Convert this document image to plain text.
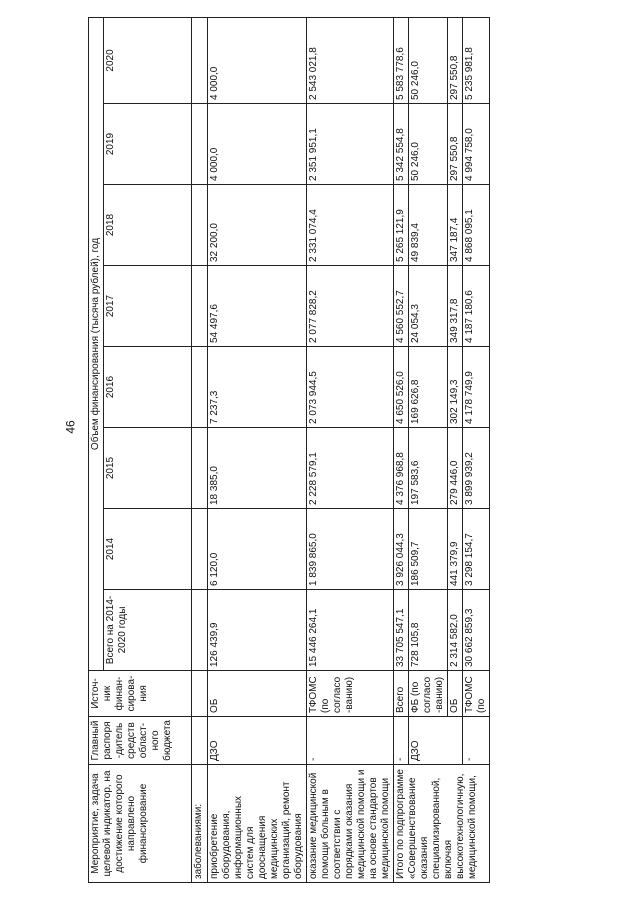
46
Мероприятие, задача целевой индикатор, на достижение которого направлено финансирование	Главный распоря-дитель средств област-ного бюджета	Источ-ник финан-сирова-ния	Объем финансирования (тысяча рублей), год							
			Всего на 2014-2020 годы	2014	2015	2016	2017	2018	2019	2020
заболеваниями:										
приобретение оборудования, информационных систем для дооснащения медицинских организаций, ремонт оборудования	ДЗО	ОБ	126 439,9	6 120,0	18 385,0	7 237,3	54 497,6	32 200,0	4 000,0	4 000,0
оказание медицинской помощи больным в соответствии с порядками оказания медицинской помощи и на основе стандартов медицинской помощи	-	ТФОМС (по согласо-ванию)	15 446 264,1	1 839 865,0	2 228 579,1	2 073 944,5	2 077 828,2	2 331 074,4	2 351 951,1	2 543 021,8
Итого по подпрограмме «Совершенствование оказания специализированной, включая высокотехнологичную, медицинской помощи,	-	Всего	33 705 547,1	3 926 044,3	4 376 968,8	4 650 526,0	4 560 552,7	5 265 121,9	5 342 554,8	5 583 778,6
	ДЗО	ФБ (по согласо-ванию)	728 105,8	186 509,7	197 583,6	169 626,8	24 054,3	49 839,4	50 246,0	50 246,0
		ОБ	2 314 582,0	441 379,9	279 446,0	302 149,3	349 317,8	347 187,4	297 550,8	297 550,8
	-	ТФОМС (по	30 662 859,3	3 298 154,7	3 899 939,2	4 178 749,9	4 187 180,6	4 868 095,1	4 994 758,0	5 235 981,8
